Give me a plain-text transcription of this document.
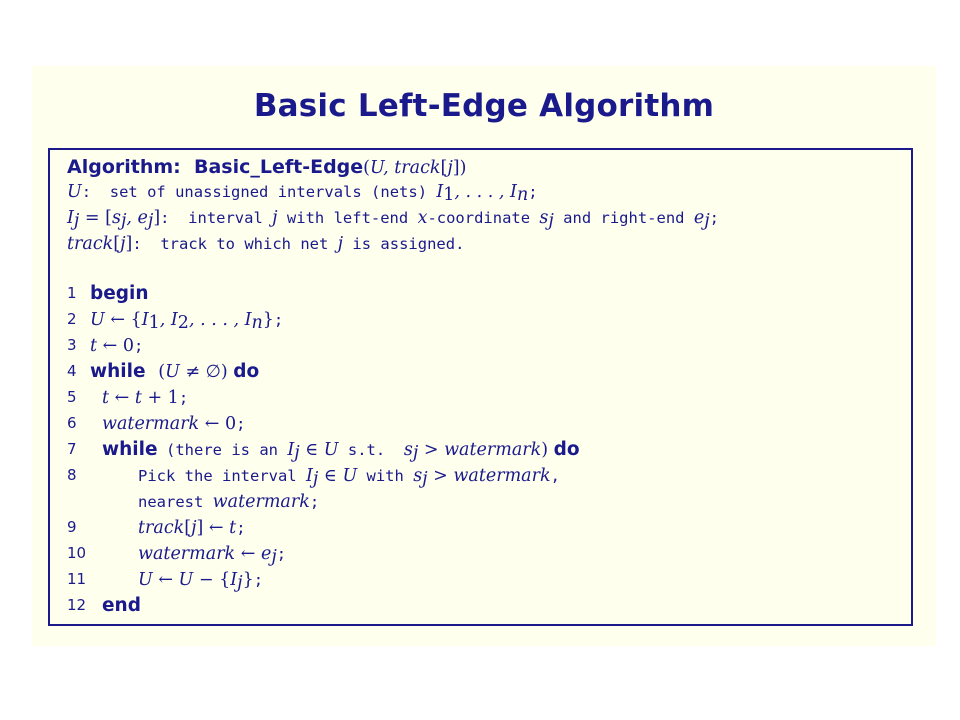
Basic Left-Edge Algorithm
Algorithm:  Basic_Left-Edge(U, track[j])
U:  set of unassigned intervals (nets) $I_1$, . . . , $I_n$;
$I_j = [s_j$, $e_j$]:  interval j with left-end x-coordinate $s_j$ and right-end $e_j$;
track[j]:  track to which net j is assigned.
1 begin
2 U ← {$I_1$, $I_2$, . . . , $I_n$};
3 t ← 0;
4 while (U ≠ ∅) do
5	t ← t + 1;
6	watermark ← 0;
7	while (there is an $I_j$ ∈ U s.t.  $s_j$ > watermark) do
8	Pick the interval $I_j$ ∈ U with $s_j$ > watermark,
nearest watermark;
9	track[j] ← t;
10	watermark ← $e_j$;
11	U ← $U - \{I_j\}$;
12 end
